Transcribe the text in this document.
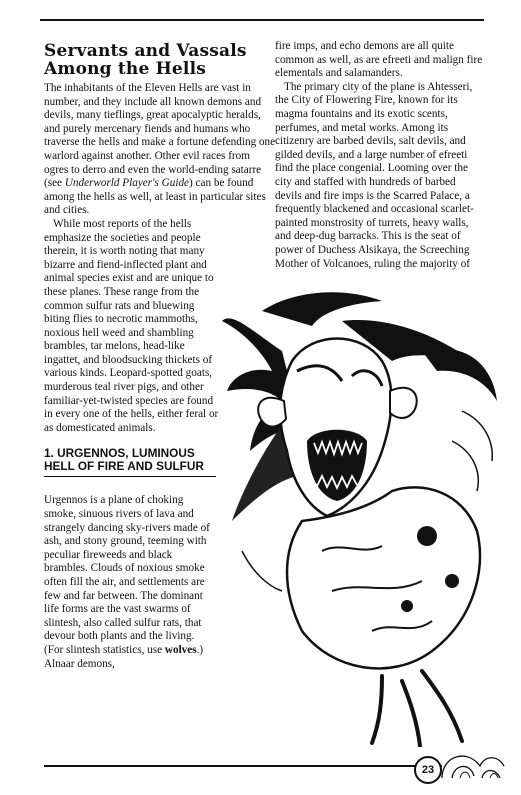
Servants and Vassals
Among the Hells

The inhabitants of the Eleven Hells are vast in number, and they include all known demons and devils, many tieflings, great apocalyptic heralds, and purely mercenary fiends and humans who traverse the hells and make a fortune defending one warlord against another. Other evil races from ogres to derro and even the world-ending satarre (see Underworld Player's Guide) can be found among the hells as well, at least in particular sites and cities.

While most reports of the hells emphasize the societies and people therein, it is worth noting that many bizarre and fiend-inflected plant and animal species exist and are unique to these planes. These range from the common sulfur rats and bluewing biting flies to necrotic mammoths, noxious hell weed and shambling brambles, tar melons, head-like ingattet, and bloodsucking thickets of various kinds. Leopard-spotted goats, murderous teal river pigs, and other familiar-yet-twisted species are found in every one of the hells, either feral or as domesticated animals.

1. URGENNOS, LUMINOUS
HELL OF FIRE AND SULFUR

Urgennos is a plane of choking smoke, sinuous rivers of lava and strangely dancing sky-rivers made of ash, and stony ground, teeming with peculiar fireweeds and black brambles. Clouds of noxious smoke often fill the air, and settlements are few and far between. The dominant life forms are the vast swarms of slintesh, also called sulfur rats, that devour both plants and the living. (For slintesh statistics, use wolves.) Alnaar demons,

fire imps, and echo demons are all quite common as well, as are efreeti and malign fire elementals and salamanders.

The primary city of the plane is Ahtesseri, the City of Flowering Fire, known for its magma fountains and its exotic scents, perfumes, and metal works. Among its citizenry are barbed devils, salt devils, and gilded devils, and a large number of efreeti find the place congenial. Looming over the city and staffed with hundreds of barbed devils and fire imps is the Scarred Palace, a frequently blackened and occasional scarlet-painted monstrosity of turrets, heavy walls, and deep-dug barracks. This is the seat of power of Duchess Alsikaya, the Screeching Mother of Volcanoes, ruling the majority of

23
